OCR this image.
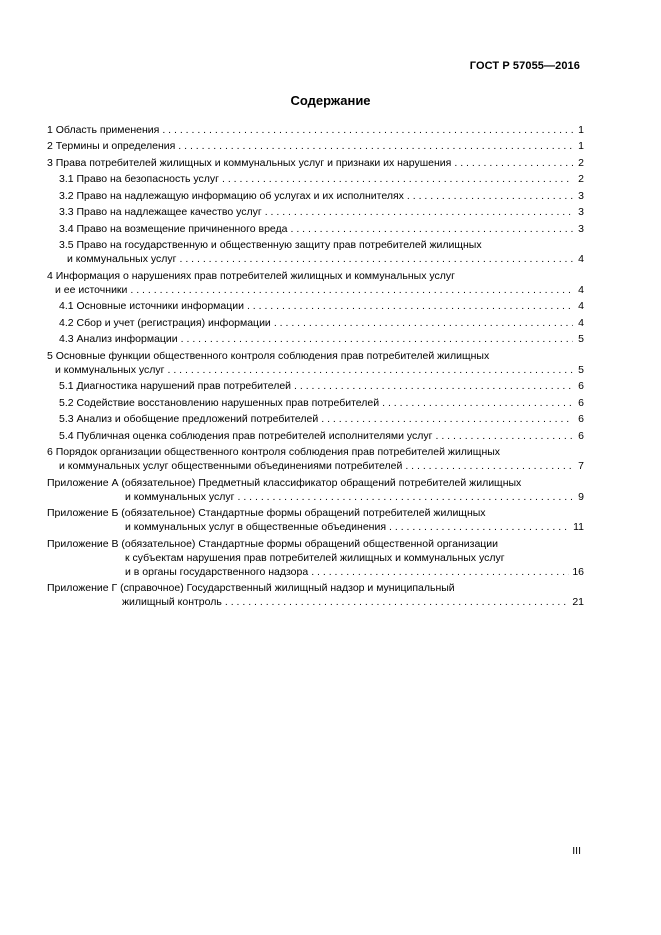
ГОСТ Р 57055—2016
Содержание
1 Область применения . . .	1
2 Термины и определения . . .	1
3 Права потребителей жилищных и коммунальных услуг и признаки их нарушения . . .	2
3.1 Право на безопасность услуг . . .	2
3.2 Право на надлежащую информацию об услугах и их исполнителях . . .	3
3.3 Право на надлежащее качество услуг . . .	3
3.4 Право на возмещение причиненного вреда . . .	3
3.5 Право на государственную и общественную защиту прав потребителей жилищных
и коммунальных услуг . . .	4
4 Информация о нарушениях прав потребителей жилищных и коммунальных услуг
и ее источники . . .	4
4.1 Основные источники информации . . .	4
4.2 Сбор и учет (регистрация) информации . . .	4
4.3 Анализ информации . . .	5
5 Основные функции общественного контроля соблюдения прав потребителей жилищных
и коммунальных услуг . . .	5
5.1 Диагностика нарушений прав потребителей . . .	6
5.2 Содействие восстановлению нарушенных прав потребителей . . .	6
5.3 Анализ и обобщение предложений потребителей . . .	6
5.4 Публичная оценка соблюдения прав потребителей исполнителями услуг . . .	6
6 Порядок организации общественного контроля соблюдения прав потребителей жилищных
и коммунальных услуг общественными объединениями потребителей . . .	7
Приложение А (обязательное) Предметный классификатор обращений потребителей жилищных
и коммунальных услуг . . .	9
Приложение Б (обязательное) Стандартные формы обращений потребителей жилищных
и коммунальных услуг в общественные объединения . . .	11
Приложение В (обязательное) Стандартные формы обращений общественной организации
к субъектам нарушения прав потребителей жилищных и коммунальных услуг
и в органы государственного надзора . . .	16
Приложение Г (справочное) Государственный жилищный надзор и муниципальный
жилищный контроль . . .	21
III
